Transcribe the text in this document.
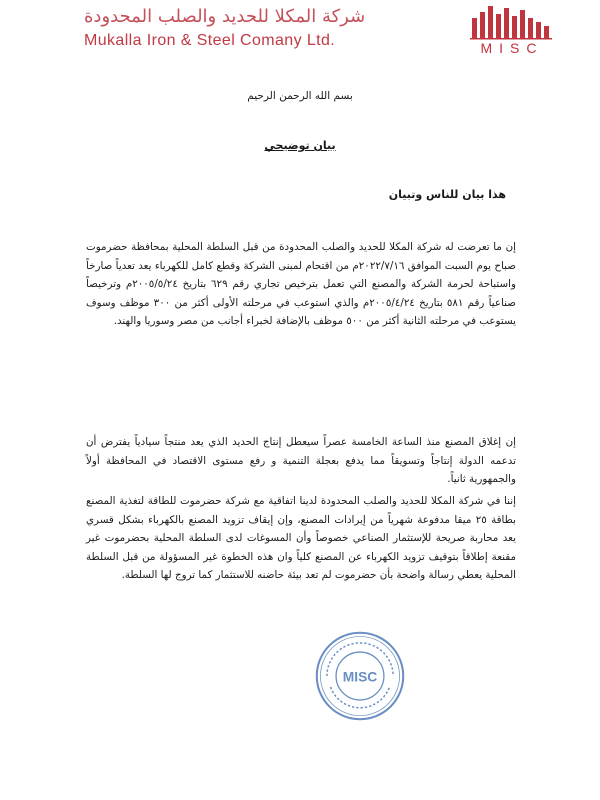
شركة المكلا للحديد والصلب المحدودة
Mukalla Iron & Steel Comany Ltd.	MISC
بسم الله الرحمن الرحيم
بيان توضيحي
هذا بيان للناس وتبيان
إن ما تعرضت له شركة المكلا للحديد والصلب المحدودة من قبل السلطة المحلية بمحافظة حضرموت صباح يوم السبت الموافق ٢٠٢٢/٧/١٦م من اقتحام لمبنى الشركة وقطع كامل للكهرباء يعد تعدياً صارخاً واستباحة لحرمة الشركة والمصنع التي تعمل بترخيص تجاري رقم ٦٢٩ بتاريخ ٢٠٠٥/٥/٢٤م وترخيصاً صناعياً رقم ٥٨١ بتاريخ ٢٠٠٥/٤/٢٤م والذي استوعب في مرحلته الأولى أكثر من ٣٠٠ موظف وسوف يستوعب في مرحلته الثانية أكثر من ٥٠٠ موظف بالإضافة لخبراء أجانب من مصر وسوريا والهند.
إن إغلاق المصنع منذ الساعة الخامسة عصراً سيعطل إنتاج الحديد الذي يعد منتجاً سيادياً يفترض أن تدعمه الدولة إنتاجاً وتسويقاً مما يدفع بعجلة التنمية و رفع مستوى الاقتصاد في المحافظة أولاً والجمهورية ثانياً.
إننا في شركة المكلا للحديد والصلب المحدودة لدينا اتفاقية مع شركة حضرموت للطاقة لتغذية المصنع بطاقة ٢٥ ميقا مدفوعة شهرياً من إيرادات المصنع، وإن إيقاف تزويد المصنع بالكهرباء بشكل قسري يعد محاربة صريحة للإستثمار الصناعي خصوصاً وأن المسوغات لدى السلطة المحلية بحضرموت غير مقنعة إطلاقاً بتوقيف تزويد الكهرباء عن المصنع كلياً وان هذه الخطوة غير المسؤولة من قبل السلطة المحلية يعطي رسالة واضحة بأن حضرموت لم تعد بيئة حاضنه للاستثمار كما تروج لها السلطة.
MISC
